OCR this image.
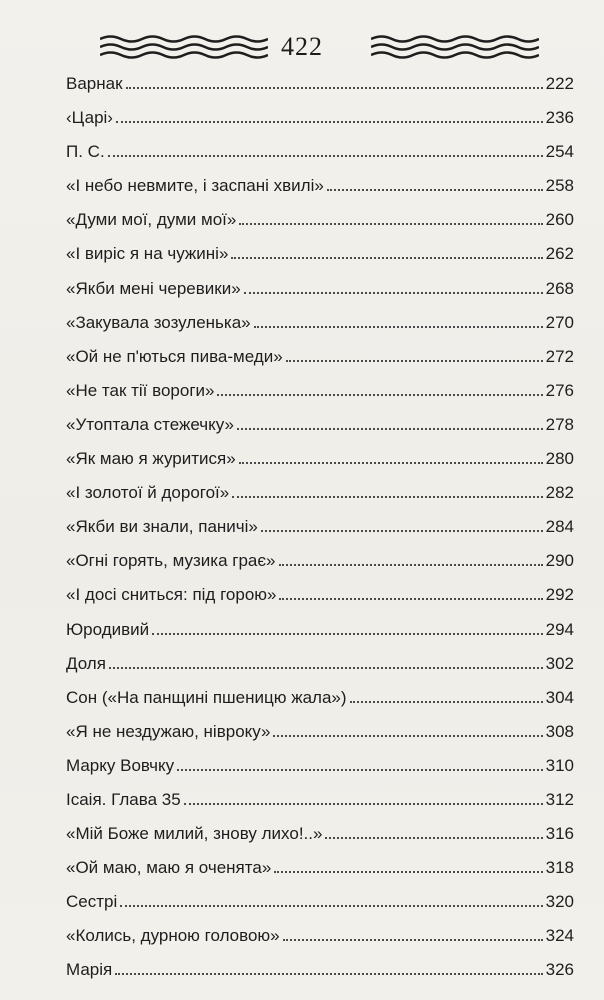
422
Варнак	222
‹Царі›	236
П. С.	254
«І небо невмите, і заспані хвилі»	258
«Думи мої, думи мої»	260
«І виріс я на чужині»	262
«Якби мені черевики»	268
«Закувала зозуленька»	270
«Ой не п'ються пива-меди»	272
«Не так тії вороги»	276
«Утоптала стежечку»	278
«Як маю я журитися»	280
«І золотої й дорогої»	282
«Якби ви знали, паничі»	284
«Огні горять, музика грає»	290
«І досі сниться: під горою»	292
Юродивий	294
Доля	302
Сон («На панщині пшеницю жала»)	304
«Я не нездужаю, нівроку»	308
Марку Вовчку	310
Ісаія. Глава 35	312
«Мій Боже милий, знову лихо!..»	316
«Ой маю, маю я оченята»	318
Сестрі	320
«Колись, дурною головою»	324
Марія	326
